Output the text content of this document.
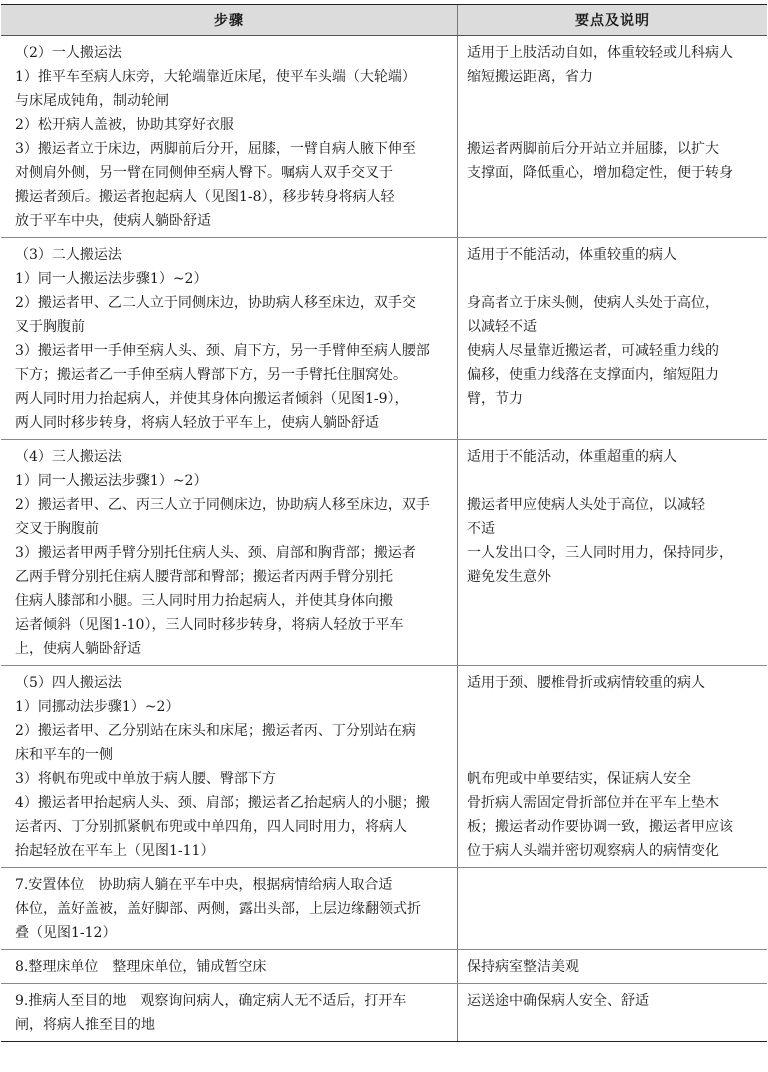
步骤	要点及说明
（2）一人搬运法
1）推平车至病人床旁，大轮端靠近床尾，使平车头端（大轮端）
与床尾成钝角，制动轮闸
2）松开病人盖被，协助其穿好衣服
3）搬运者立于床边，两脚前后分开，屈膝，一臂自病人腋下伸至
对侧肩外侧，另一臂在同侧伸至病人臀下。嘱病人双手交叉于
搬运者颈后。搬运者抱起病人（见图1-8），移步转身将病人轻
放于平车中央，使病人躺卧舒适
适用于上肢活动自如，体重较轻或儿科病人
缩短搬运距离，省力
搬运者两脚前后分开站立并屈膝，以扩大
支撑面，降低重心，增加稳定性，便于转身
（3）二人搬运法
1）同一人搬运法步骤1）~2）
2）搬运者甲、乙二人立于同侧床边，协助病人移至床边，双手交
叉于胸腹前
3）搬运者甲一手伸至病人头、颈、肩下方，另一手臂伸至病人腰部
下方；搬运者乙一手伸至病人臀部下方，另一手臂托住腘窝处。
两人同时用力抬起病人，并使其身体向搬运者倾斜（见图1-9），
两人同时移步转身，将病人轻放于平车上，使病人躺卧舒适
适用于不能活动，体重较重的病人
身高者立于床头侧，使病人头处于高位，
以减轻不适
使病人尽量靠近搬运者，可减轻重力线的
偏移，使重力线落在支撑面内，缩短阻力
臂，节力
（4）三人搬运法
1）同一人搬运法步骤1）~2）
2）搬运者甲、乙、丙三人立于同侧床边，协助病人移至床边，双手
交叉于胸腹前
3）搬运者甲两手臂分别托住病人头、颈、肩部和胸背部；搬运者
乙两手臂分别托住病人腰背部和臀部；搬运者丙两手臂分别托
住病人膝部和小腿。三人同时用力抬起病人，并使其身体向搬
运者倾斜（见图1-10），三人同时移步转身，将病人轻放于平车
上，使病人躺卧舒适
适用于不能活动，体重超重的病人
搬运者甲应使病人头处于高位，以减轻
不适
一人发出口令，三人同时用力，保持同步，
避免发生意外
（5）四人搬运法
1）同挪动法步骤1）~2）
2）搬运者甲、乙分别站在床头和床尾；搬运者丙、丁分别站在病
床和平车的一侧
3）将帆布兜或中单放于病人腰、臀部下方
4）搬运者甲抬起病人头、颈、肩部；搬运者乙抬起病人的小腿；搬
运者丙、丁分别抓紧帆布兜或中单四角，四人同时用力，将病人
抬起轻放在平车上（见图1-11）
适用于颈、腰椎骨折或病情较重的病人
帆布兜或中单要结实，保证病人安全
骨折病人需固定骨折部位并在平车上垫木
板；搬运者动作要协调一致，搬运者甲应该
位于病人头端并密切观察病人的病情变化
7.安置体位　协助病人躺在平车中央，根据病情给病人取合适
体位，盖好盖被，盖好脚部、两侧，露出头部，上层边缘翻领式折
叠（见图1-12）
8.整理床单位　整理床单位，铺成暂空床	保持病室整洁美观
9.推病人至目的地　观察询问病人，确定病人无不适后，打开车
闸，将病人推至目的地
运送途中确保病人安全、舒适
